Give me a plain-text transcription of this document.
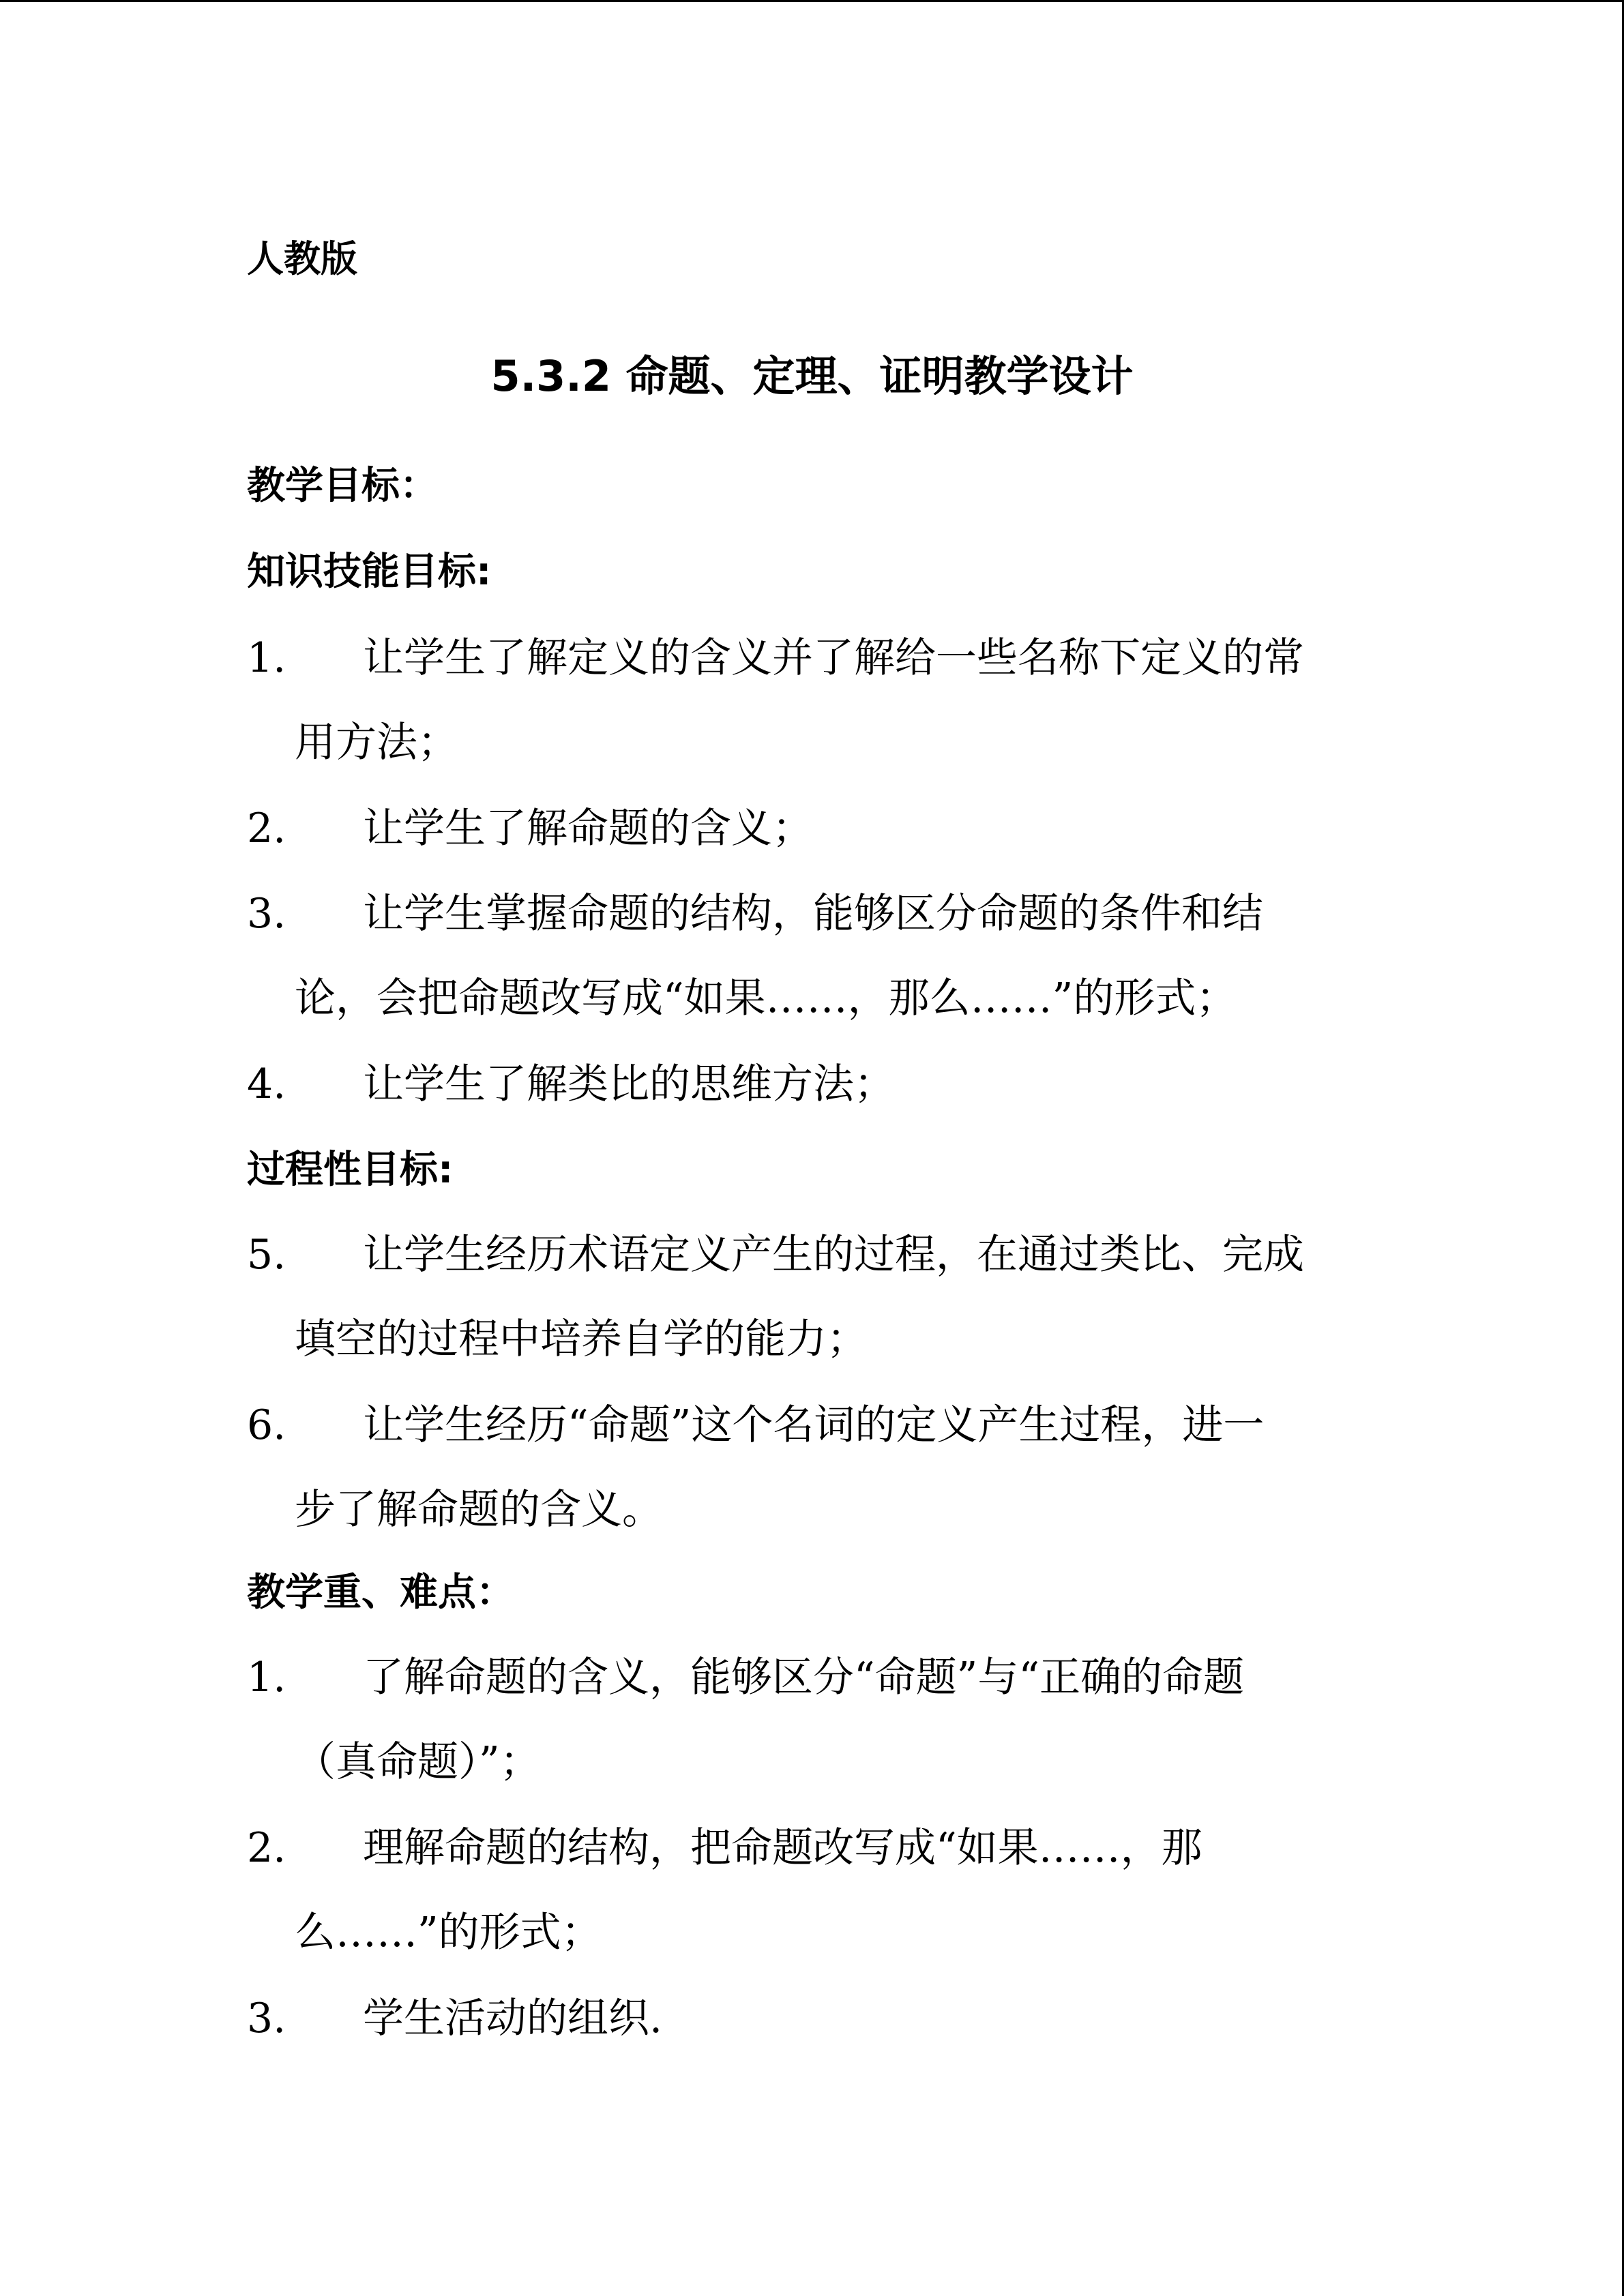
人教版
5.3.2 命题、定理、证明教学设计
教学目标：
知识技能目标:
1.	让学生了解定义的含义并了解给一些名称下定义的常
用方法；
2.	让学生了解命题的含义；
3.	让学生掌握命题的结构，能够区分命题的条件和结
论，会把命题改写成“如果……，那么……”的形式；
4.	让学生了解类比的思维方法；
过程性目标:
5.	让学生经历术语定义产生的过程，在通过类比、完成
填空的过程中培养自学的能力；
6.	让学生经历“命题”这个名词的定义产生过程，进一
步了解命题的含义。
教学重、难点：
1.	了解命题的含义，能够区分“命题”与“正确的命题
（真命题）”；
2.	理解命题的结构，把命题改写成“如果……，那
么……”的形式；
3.	学生活动的组织.
